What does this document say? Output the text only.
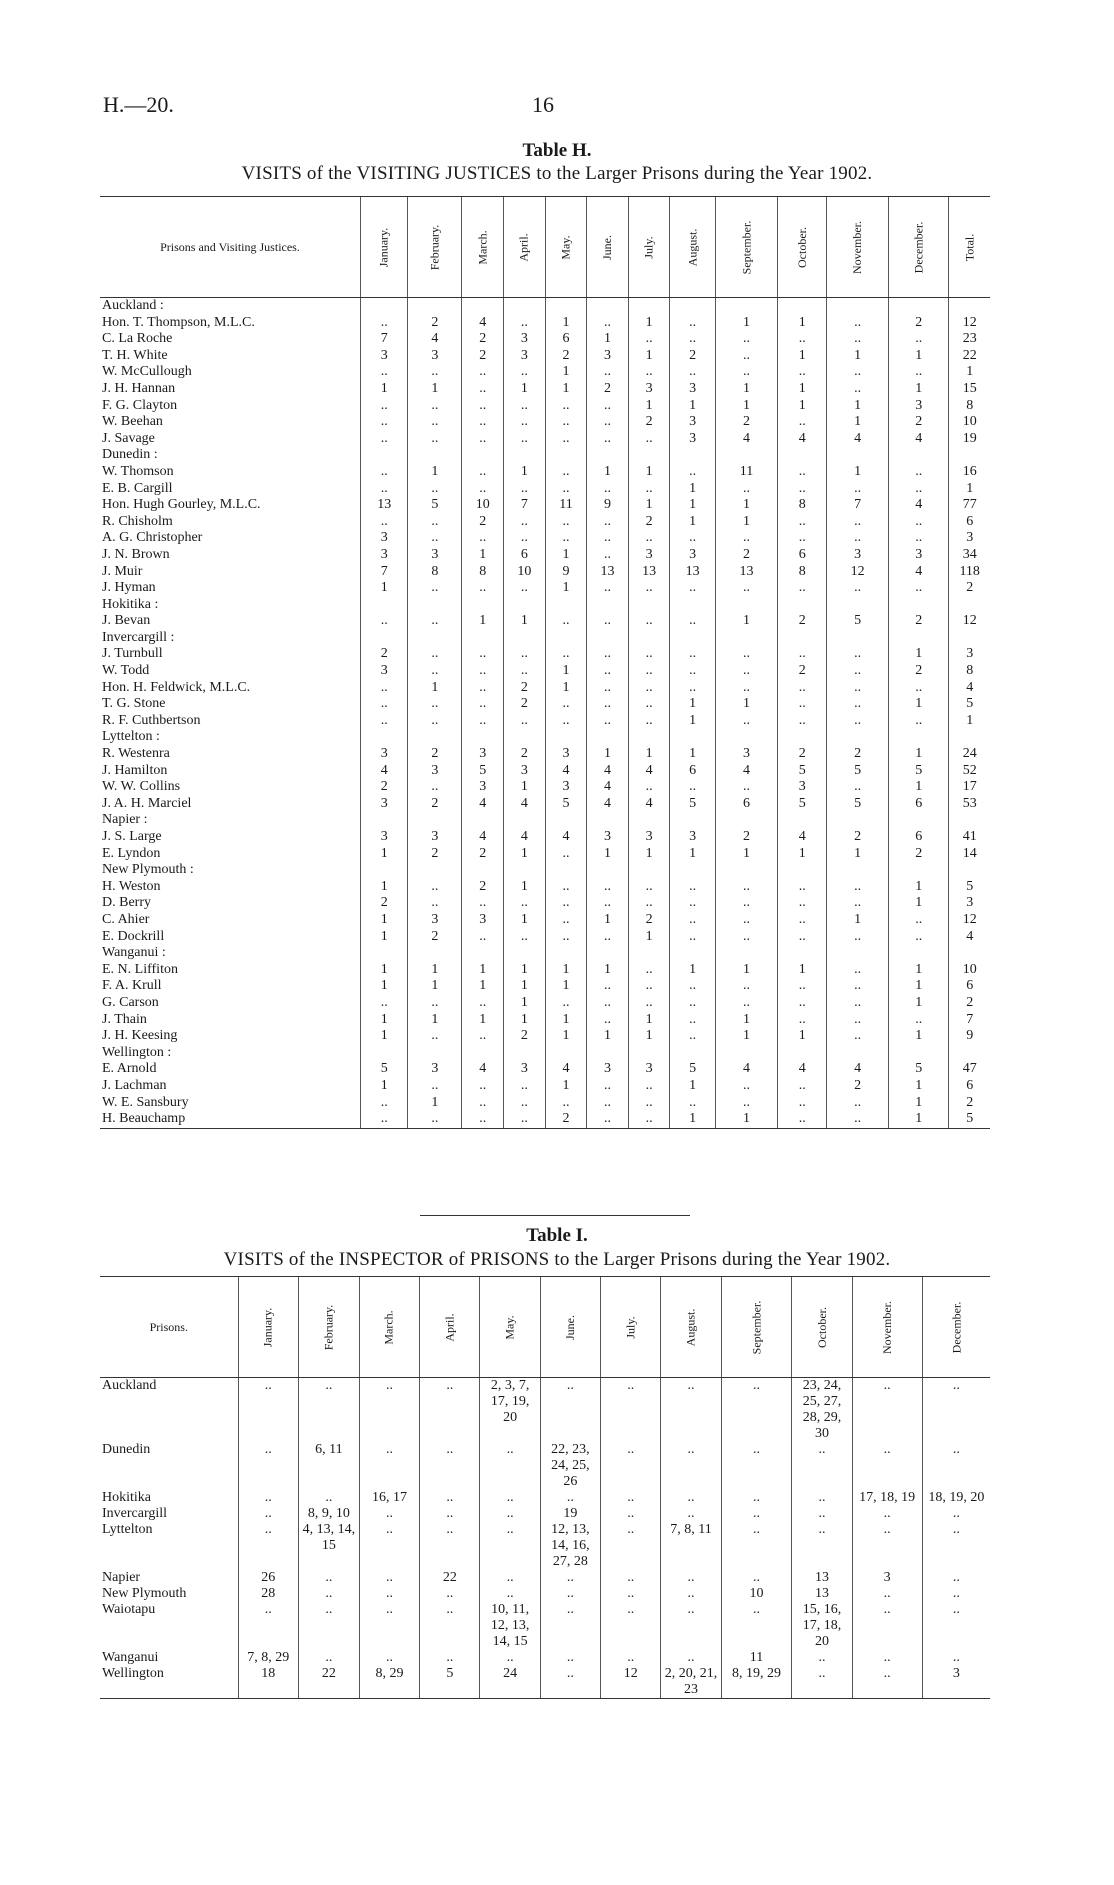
H.—20.	16
Table H.
VISITS of the VISITING JUSTICES to the Larger Prisons during the Year 1902.
Prisons and Visiting Justices.	January.	February.	March.	April.	May.	June.	July.	August.	September.	October.	November.	December.	Total.
Auckland :													
Hon. T. Thompson, M.L.C.	..	2	4	..	1	..	1	..	1	1	..	2	12
C. La Roche	7	4	2	3	6	1	..	..	..	..	..	..	23
T. H. White	3	3	2	3	2	3	1	2	..	1	1	1	22
W. McCullough	..	..	..	..	1	..	..	..	..	..	..	..	1
J. H. Hannan	1	1	..	1	1	2	3	3	1	1	..	1	15
F. G. Clayton	..	..	..	..	..	..	1	1	1	1	1	3	8
W. Beehan	..	..	..	..	..	..	2	3	2	..	1	2	10
J. Savage	..	..	..	..	..	..	..	3	4	4	4	4	19
Dunedin :													
W. Thomson	..	1	..	1	..	1	1	..	11	..	1	..	16
E. B. Cargill	..	..	..	..	..	..	..	1	..	..	..	..	1
Hon. Hugh Gourley, M.L.C.	13	5	10	7	11	9	1	1	1	8	7	4	77
R. Chisholm	..	..	2	..	..	..	2	1	1	..	..	..	6
A. G. Christopher	3	..	..	..	..	..	..	..	..	..	..	..	3
J. N. Brown	3	3	1	6	1	..	3	3	2	6	3	3	34
J. Muir	7	8	8	10	9	13	13	13	13	8	12	4	118
J. Hyman	1	..	..	..	1	..	..	..	..	..	..	..	2
Hokitika :													
J. Bevan	..	..	1	1	..	..	..	..	1	2	5	2	12
Invercargill :													
J. Turnbull	2	..	..	..	..	..	..	..	..	..	..	1	3
W. Todd	3	..	..	..	1	..	..	..	..	2	..	2	8
Hon. H. Feldwick, M.L.C.	..	1	..	2	1	..	..	..	..	..	..	..	4
T. G. Stone	..	..	..	2	..	..	..	1	1	..	..	1	5
R. F. Cuthbertson	..	..	..	..	..	..	..	1	..	..	..	..	1
Lyttelton :													
R. Westenra	3	2	3	2	3	1	1	1	3	2	2	1	24
J. Hamilton	4	3	5	3	4	4	4	6	4	5	5	5	52
W. W. Collins	2	..	3	1	3	4	..	..	..	3	..	1	17
J. A. H. Marciel	3	2	4	4	5	4	4	5	6	5	5	6	53
Napier :													
J. S. Large	3	3	4	4	4	3	3	3	2	4	2	6	41
E. Lyndon	1	2	2	1	..	1	1	1	1	1	1	2	14
New Plymouth :													
H. Weston	1	..	2	1	..	..	..	..	..	..	..	1	5
D. Berry	2	..	..	..	..	..	..	..	..	..	..	1	3
C. Ahier	1	3	3	1	..	1	2	..	..	..	1	..	12
E. Dockrill	1	2	..	..	..	..	1	..	..	..	..	..	4
Wanganui :													
E. N. Liffiton	1	1	1	1	1	1	..	1	1	1	..	1	10
F. A. Krull	1	1	1	1	1	..	..	..	..	..	..	1	6
G. Carson	..	..	..	1	..	..	..	..	..	..	..	1	2
J. Thain	1	1	1	1	1	..	1	..	1	..	..	..	7
J. H. Keesing	1	..	..	2	1	1	1	..	1	1	..	1	9
Wellington :													
E. Arnold	5	3	4	3	4	3	3	5	4	4	4	5	47
J. Lachman	1	..	..	..	1	..	..	1	..	..	2	1	6
W. E. Sansbury	..	1	..	..	..	..	..	..	..	..	..	1	2
H. Beauchamp	..	..	..	..	2	..	..	1	1	..	..	1	5
Table I.
VISITS of the INSPECTOR of PRISONS to the Larger Prisons during the Year 1902.
Prisons.	January.	February.	March.	April.	May.	June.	July.	August.	September.	October.	November.	December.
Auckland	..	..	..	..	2, 3, 7, 17, 19, 20	..	..	..	..	23, 24, 25, 27, 28, 29, 30	..	..
Dunedin	..	6, 11	..	..	..	22, 23, 24, 25, 26	..	..	..	..	..	..
Hokitika	..	..	16, 17	..	..	..	..	..	..	..	17, 18, 19	18, 19, 20
Invercargill	..	8, 9, 10	..	..	..	19	..	..	..	..	..	..
Lyttelton	..	4, 13, 14, 15	..	..	..	12, 13, 14, 16, 27, 28	..	7, 8, 11	..	..	..	..
Napier	26	..	..	22	..	..	..	..	..	13	3	..
New Plymouth	28	..	..	..	..	..	..	..	10	13	..	..
Waiotapu	..	..	..	..	10, 11, 12, 13, 14, 15	..	..	..	..	15, 16, 17, 18, 20	..	..
Wanganui	7, 8, 29	..	..	..	..	..	..	..	11	..	..	..
Wellington	18	22	8, 29	5	24	..	12	2, 20, 21, 23	8, 19, 29	..	..	3
